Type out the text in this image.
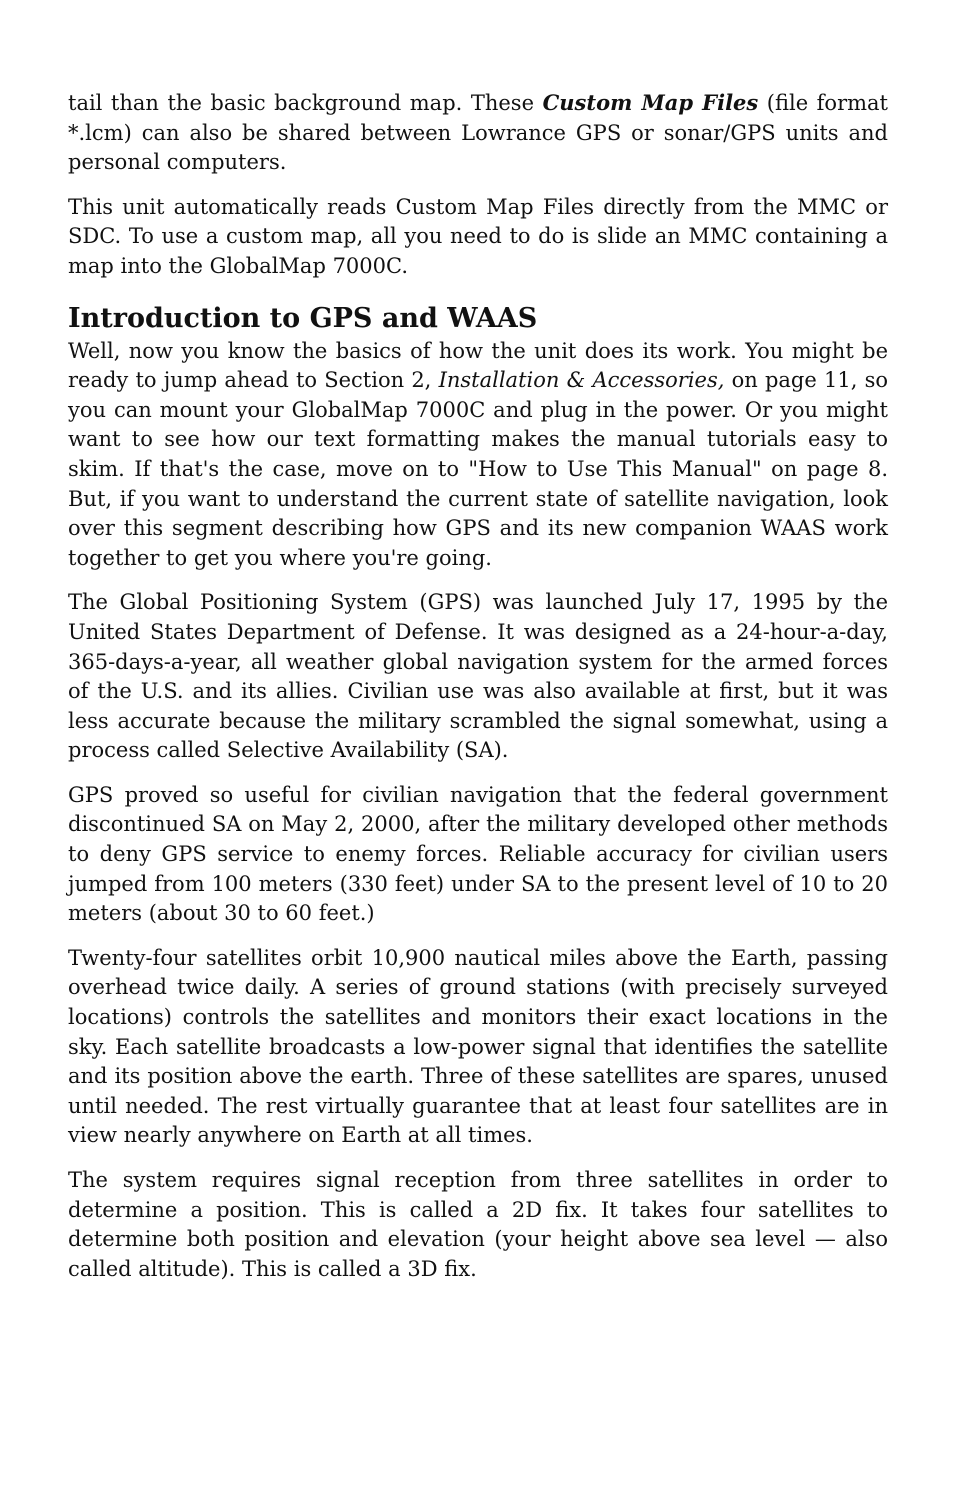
tail than the basic background map. These Custom Map Files (file format *.lcm) can also be shared between Lowrance GPS or sonar/GPS units and personal computers.

This unit automatically reads Custom Map Files directly from the MMC or SDC. To use a custom map, all you need to do is slide an MMC containing a map into the GlobalMap 7000C.

Introduction to GPS and WAAS

Well, now you know the basics of how the unit does its work. You might be ready to jump ahead to Section 2, Installation & Accessories, on page 11, so you can mount your GlobalMap 7000C and plug in the power. Or you might want to see how our text formatting makes the manual tutorials easy to skim. If that's the case, move on to "How to Use This Manual" on page 8. But, if you want to understand the current state of satellite navigation, look over this segment describing how GPS and its new companion WAAS work together to get you where you're going.

The Global Positioning System (GPS) was launched July 17, 1995 by the United States Department of Defense. It was designed as a 24-hour-a-day, 365-days-a-year, all weather global navigation system for the armed forces of the U.S. and its allies. Civilian use was also available at first, but it was less accurate because the military scrambled the signal somewhat, using a process called Selective Availability (SA).

GPS proved so useful for civilian navigation that the federal government discontinued SA on May 2, 2000, after the military developed other methods to deny GPS service to enemy forces. Reliable accuracy for civilian users jumped from 100 meters (330 feet) under SA to the present level of 10 to 20 meters (about 30 to 60 feet.)

Twenty-four satellites orbit 10,900 nautical miles above the Earth, passing overhead twice daily. A series of ground stations (with precisely surveyed locations) controls the satellites and monitors their exact locations in the sky. Each satellite broadcasts a low-power signal that identifies the satellite and its position above the earth. Three of these satellites are spares, unused until needed. The rest virtually guarantee that at least four satellites are in view nearly anywhere on Earth at all times.

The system requires signal reception from three satellites in order to determine a position. This is called a 2D fix. It takes four satellites to determine both position and elevation (your height above sea level — also called altitude). This is called a 3D fix.
